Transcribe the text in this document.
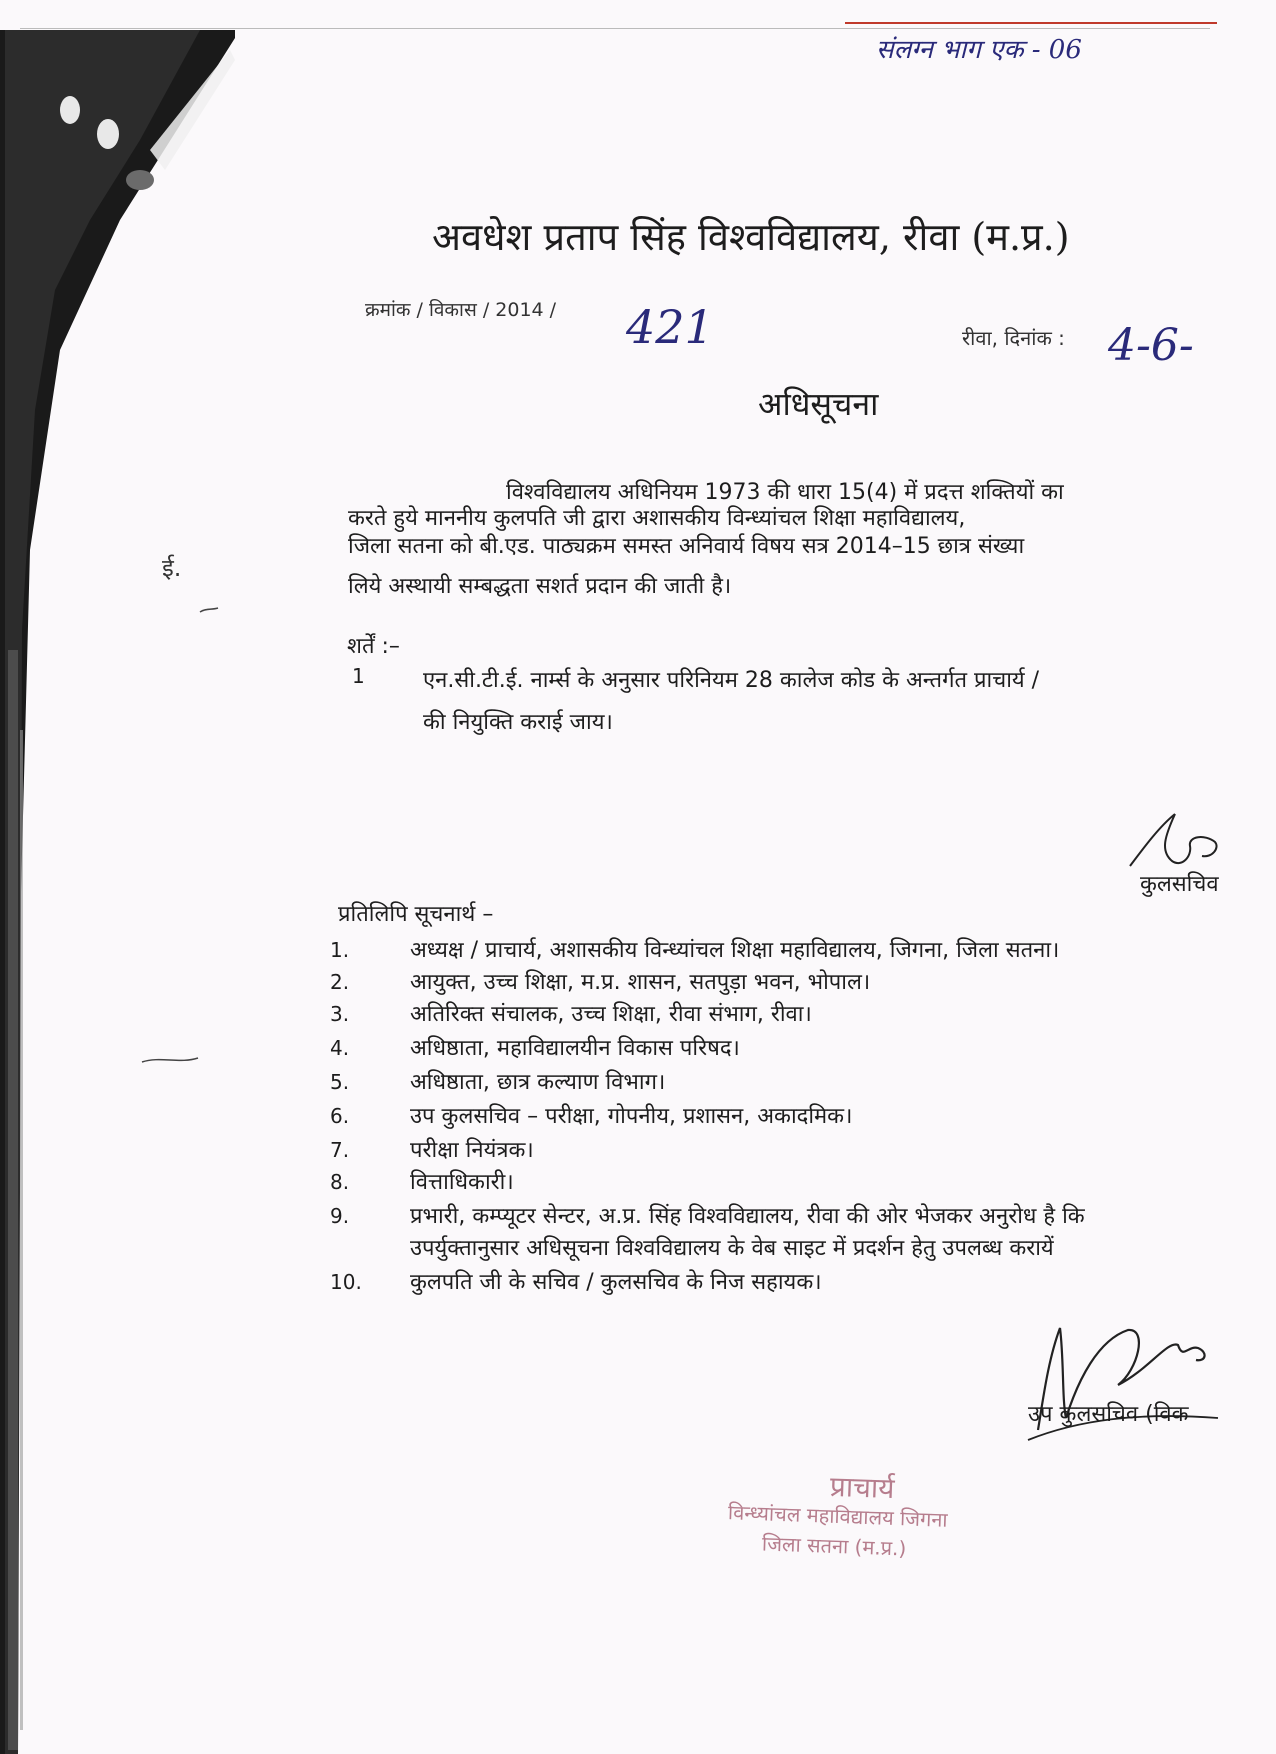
संलग्न भाग एक - 06
अवधेश प्रताप सिंह विश्वविद्यालय, रीवा (म.प्र.)
क्रमांक / विकास / 2014 / 421	रीवा, दिनांक : 4-6-
अधिसूचना
विश्वविद्यालय अधिनियम 1973 की धारा 15(4) में प्रदत्त शक्तियों का
करते हुये माननीय कुलपति जी द्वारा अशासकीय विन्ध्यांचल शिक्षा महाविद्यालय,
जिला सतना को बी.एड. पाठ्यक्रम समस्त अनिवार्य विषय सत्र 2014–15 छात्र संख्या
लिये अस्थायी सम्बद्धता सशर्त प्रदान की जाती है।
शर्तें :–
1	एन.सी.टी.ई. नार्म्स के अनुसार परिनियम 28 कालेज कोड के अन्तर्गत प्राचार्य /
की नियुक्ति कराई जाय।
कुलसचिव
प्रतिलिपि सूचनार्थ –
1.	अध्यक्ष / प्राचार्य, अशासकीय विन्ध्यांचल शिक्षा महाविद्यालय, जिगना, जिला सतना।
2.	आयुक्त, उच्च शिक्षा, म.प्र. शासन, सतपुड़ा भवन, भोपाल।
3.	अतिरिक्त संचालक, उच्च शिक्षा, रीवा संभाग, रीवा।
4.	अधिष्ठाता, महाविद्यालयीन विकास परिषद।
5.	अधिष्ठाता, छात्र कल्याण विभाग।
6.	उप कुलसचिव – परीक्षा, गोपनीय, प्रशासन, अकादमिक।
7.	परीक्षा नियंत्रक।
8.	वित्ताधिकारी।
9.	प्रभारी, कम्प्यूटर सेन्टर, अ.प्र. सिंह विश्वविद्यालय, रीवा की ओर भेजकर अनुरोध है कि
उपर्युक्तानुसार अधिसूचना विश्वविद्यालय के वेब साइट में प्रदर्शन हेतु उपलब्ध करायें
10. कुलपति जी के सचिव / कुलसचिव के निज सहायक।
उप कुलसचिव (विक
प्राचार्य
विन्ध्यांचल महाविद्यालय जिगना
जिला सतना (म.प्र.)
ई.
